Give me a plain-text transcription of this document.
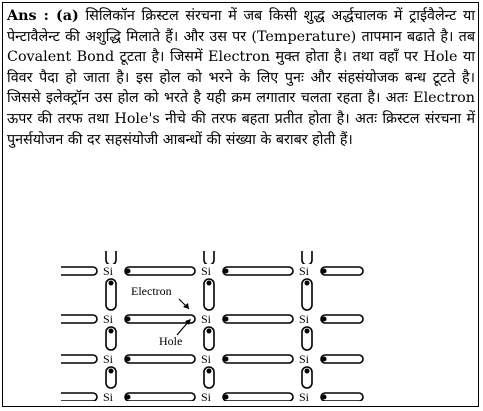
Ans : (a) सिलिकॉन क्रिस्टल संरचना में जब किसी शुद्ध अर्द्धचालक में ट्राईवैलेन्ट या पेन्टावैलेन्ट की अशुद्धि मिलाते हैं। और उस पर (Temperature) तापमान बढाते है। तब Covalent Bond टूटता है। जिसमें Electron मुक्त होता है। तथा वहाँ पर Hole या विवर पैदा हो जाता है। इस होल को भरने के लिए पुनः और संहसंयोजक बन्ध टूटते है। जिससे इलेक्ट्रॉन उस होल को भरते है यही क्रम लगातार चलता रहता है। अतः Electron ऊपर की तरफ तथा Hole's नीचे की तरफ बहता प्रतीत होता है। अतः क्रिस्टल संरचना में पुनर्सयोजन की दर सहसंयोजी आबन्धों की संख्या के बराबर होती हैं।
Si	Si	Si
Si	Si	Si
Si	Si	Si
Si	Si	Si
Electron
Hole
